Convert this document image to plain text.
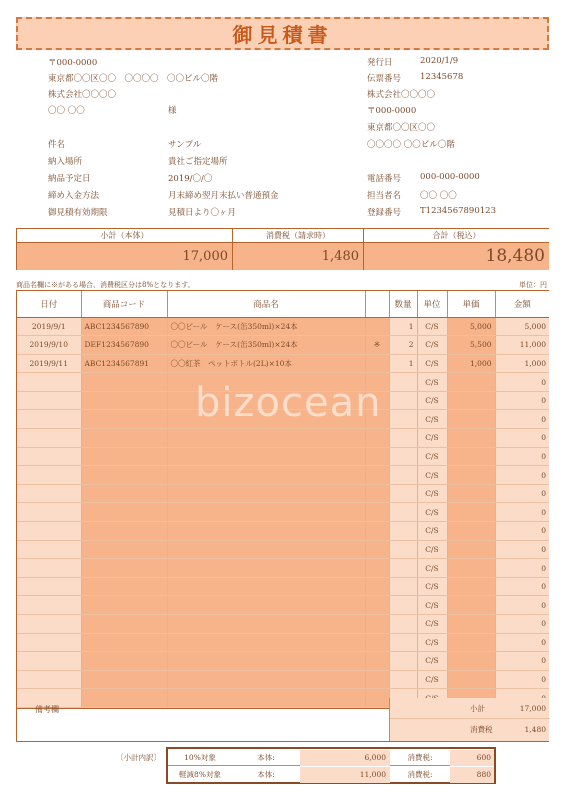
御見積書
〒000-0000
東京都〇〇区〇〇　〇〇〇〇　〇〇ビル〇階
株式会社〇〇〇〇
〇〇 〇〇	様
発行日	2020/1/9
伝票番号 12345678
株式会社〇〇〇〇
〒000-0000
東京都〇〇区〇〇
〇〇〇〇 〇〇ビル〇階
電話番号 000-000-0000
担当者名 〇〇 〇〇
登録番号 T1234567890123
件名	サンプル
納入場所	貴社ご指定場所
納品予定日	2019/〇/〇
締め入金方法	月末締め翌月末払い普通預金
御見積有効期限	見積日より〇ヶ月
小計（本体）	消費税（請求時）	合計（税込）
17,000	1,480	18,480
商品名欄に※がある場合、消費税区分は8%となります。	単位：円
日付	商品コード	商品名		数量	単位	単価	金額
2019/9/1	ABC1234567890	〇〇ビール　ケース(缶350ml)×24本		1	C/S	5,000	5,000
2019/9/10	DEF1234567890	〇〇ビール　ケース(缶350ml)×24本	※	2	C/S	5,500	11,000
2019/9/11	ABC1234567891	〇〇紅茶　ペットボトル(2L)×10本		1	C/S	1,000	1,000
					C/S		0
					C/S		0
					C/S		0
					C/S		0
					C/S		0
					C/S		0
					C/S		0
					C/S		0
					C/S		0
					C/S		0
					C/S		0
					C/S		0
					C/S		0
					C/S		0
					C/S		0
					C/S		0
					C/S		0

備考欄	小計	17,000
消費税	1,480
〔小計内訳〕	10%対象	本体:	6,000	消費税:	600
軽減8%対象	本体:	11,000	消費税:	880
bizocean
